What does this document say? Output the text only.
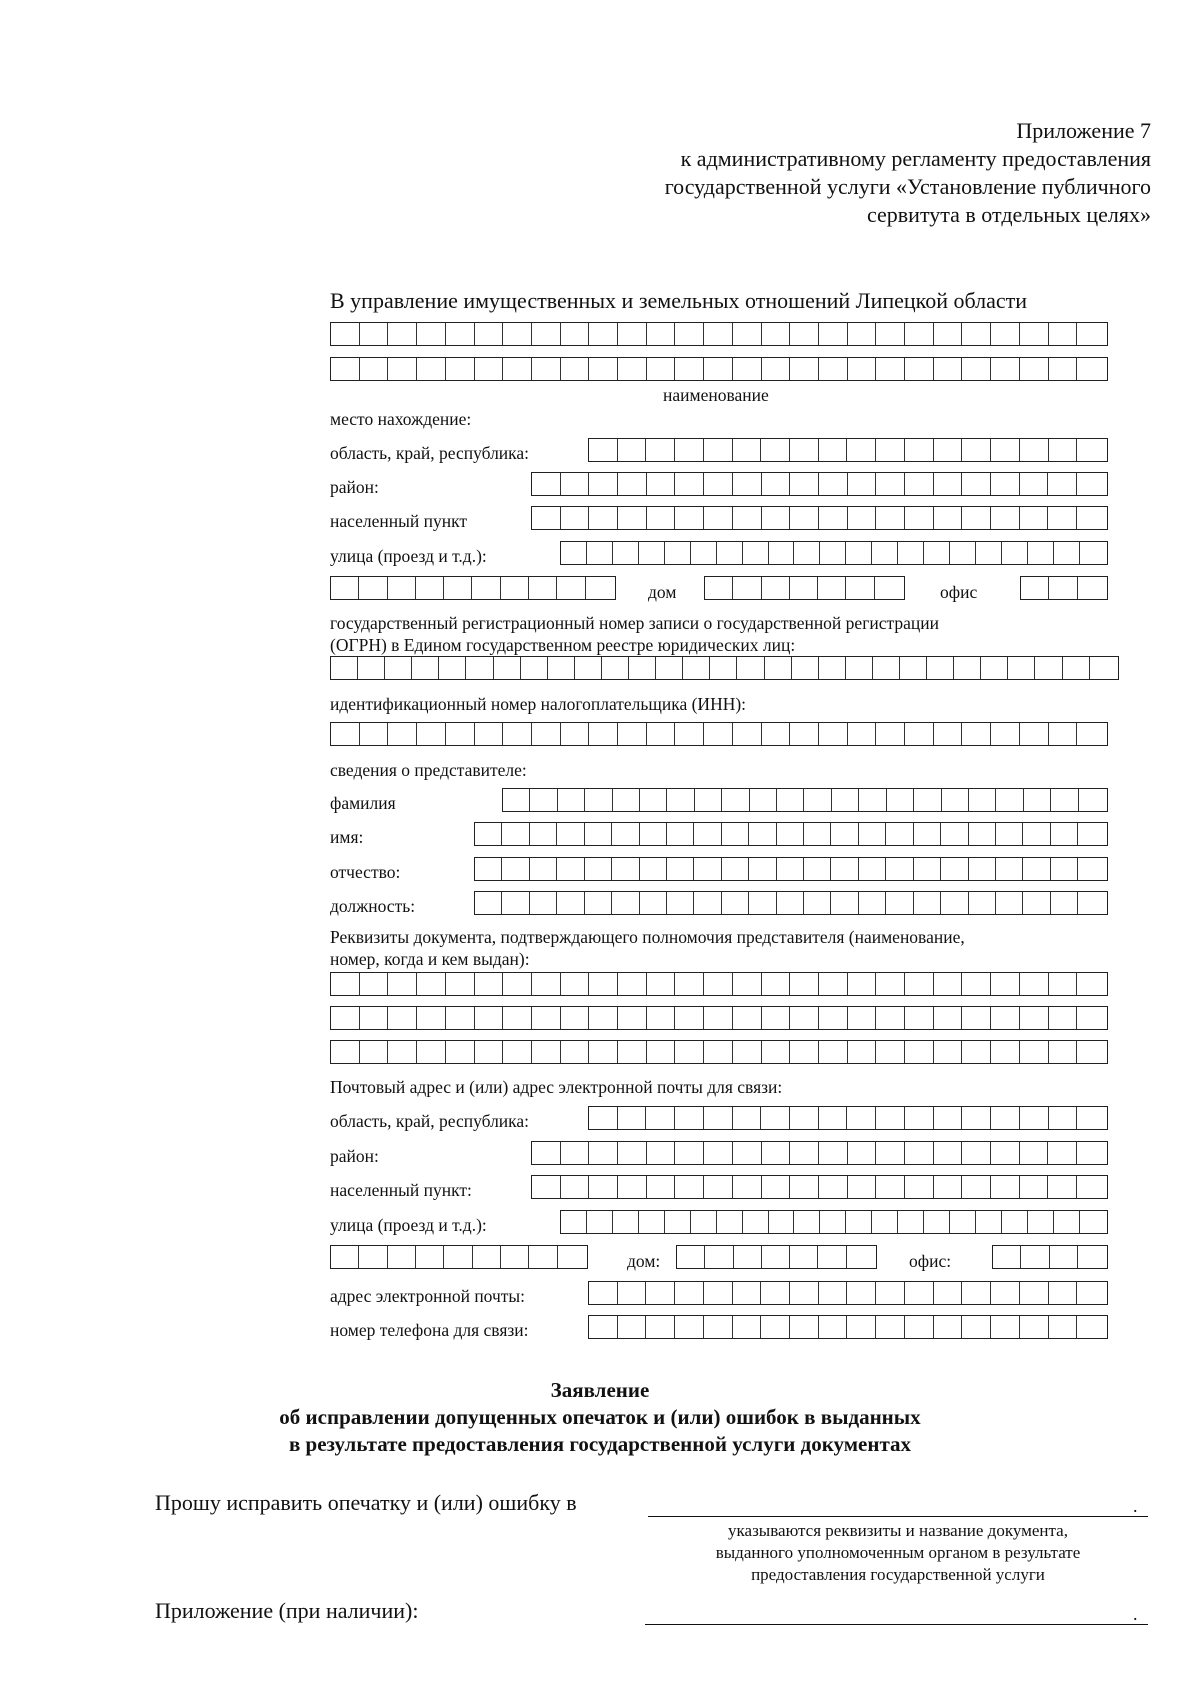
Приложение 7
к административному регламенту предоставления
государственной услуги «Установление публичного
сервитута в отдельных целях»
В управление имущественных и земельных отношений Липецкой области
наименование
место нахождение:
область, край, республика:
район:
населенный пункт
улица (проезд и т.д.):
дом	офис
государственный регистрационный номер записи о государственной регистрации
(ОГРН) в Едином государственном реестре юридических лиц:
идентификационный номер налогоплательщика (ИНН):
сведения о представителе:
фамилия
имя:
отчество:
должность:
Реквизиты документа, подтверждающего полномочия представителя (наименование,
номер, когда и кем выдан):
Почтовый адрес и (или) адрес электронной почты для связи:
область, край, республика:
район:
населенный пункт:
улица (проезд и т.д.):
дом:	офис:
адрес электронной почты:
номер телефона для связи:
Заявление
об исправлении допущенных опечаток и (или) ошибок в выданных
в результате предоставления государственной услуги документах
Прошу исправить опечатку и (или) ошибку в	.
указываются реквизиты и название документа,
выданного уполномоченным органом в результате
предоставления государственной услуги
Приложение (при наличии):	.
